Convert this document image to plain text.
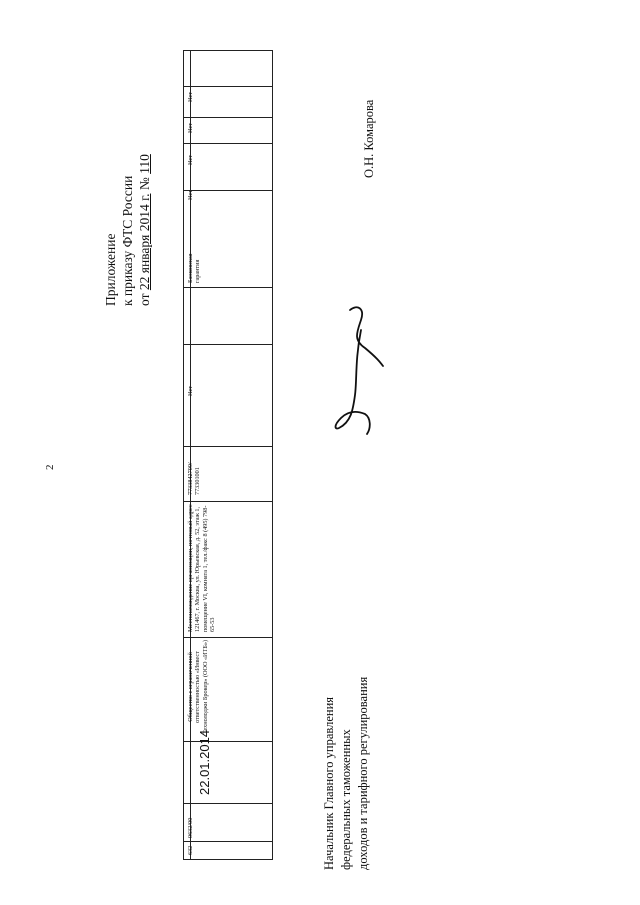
2
Приложение к приказу ФТС России от 22 января 2014 г. № 110
632
0632/00
22.01.2014
Общество с ограниченной ответственностью «Инвест Технолоджи Брокер» (ООО «ИТБ»)
Местонахождение организации, почтовый адрес 121467, г. Москва, ул. Юрьевская, д. 52, этаж 1, помещение VI, комната 1, тел./факс 8 (495) 798-65-53
7733842709/ 773301001
Нет
Банковская гарантия
Нет
Нет
Нет
Нет
Начальник Главного управления федеральных таможенных доходов и тарифного регулирования
О.Н. Комарова
